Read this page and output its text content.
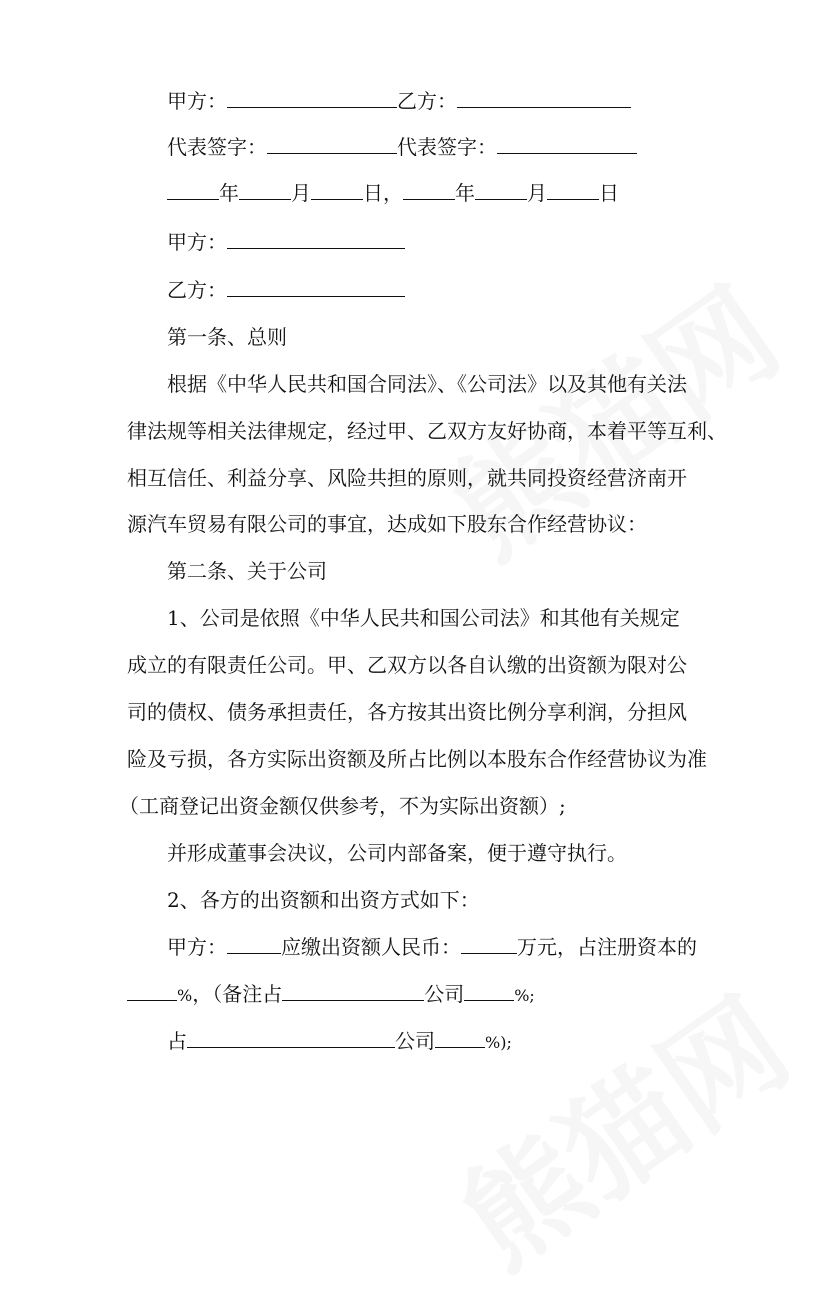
甲方：	乙方：
代表签字：	代表签字：
年	月	日，	年	月	日
甲方：
乙方：
第一条、总则
根据《中华人民共和国合同法》、《公司法》以及其他有关法
律法规等相关法律规定，经过甲、乙双方友好协商，本着平等互利、
相互信任、利益分享、风险共担的原则，就共同投资经营济南开
源汽车贸易有限公司的事宜，达成如下股东合作经营协议：
第二条、关于公司
1、公司是依照《中华人民共和国公司法》和其他有关规定
成立的有限责任公司。甲、乙双方以各自认缴的出资额为限对公
司的债权、债务承担责任，各方按其出资比例分享利润，分担风
险及亏损，各方实际出资额及所占比例以本股东合作经营协议为准
（工商登记出资金额仅供参考，不为实际出资额）;
并形成董事会决议，公司内部备案，便于遵守执行。
2、各方的出资额和出资方式如下：
甲方：	应缴出资额人民币：	万元，占注册资本的
%，（备注占	公司	%;
占	公司	%);
